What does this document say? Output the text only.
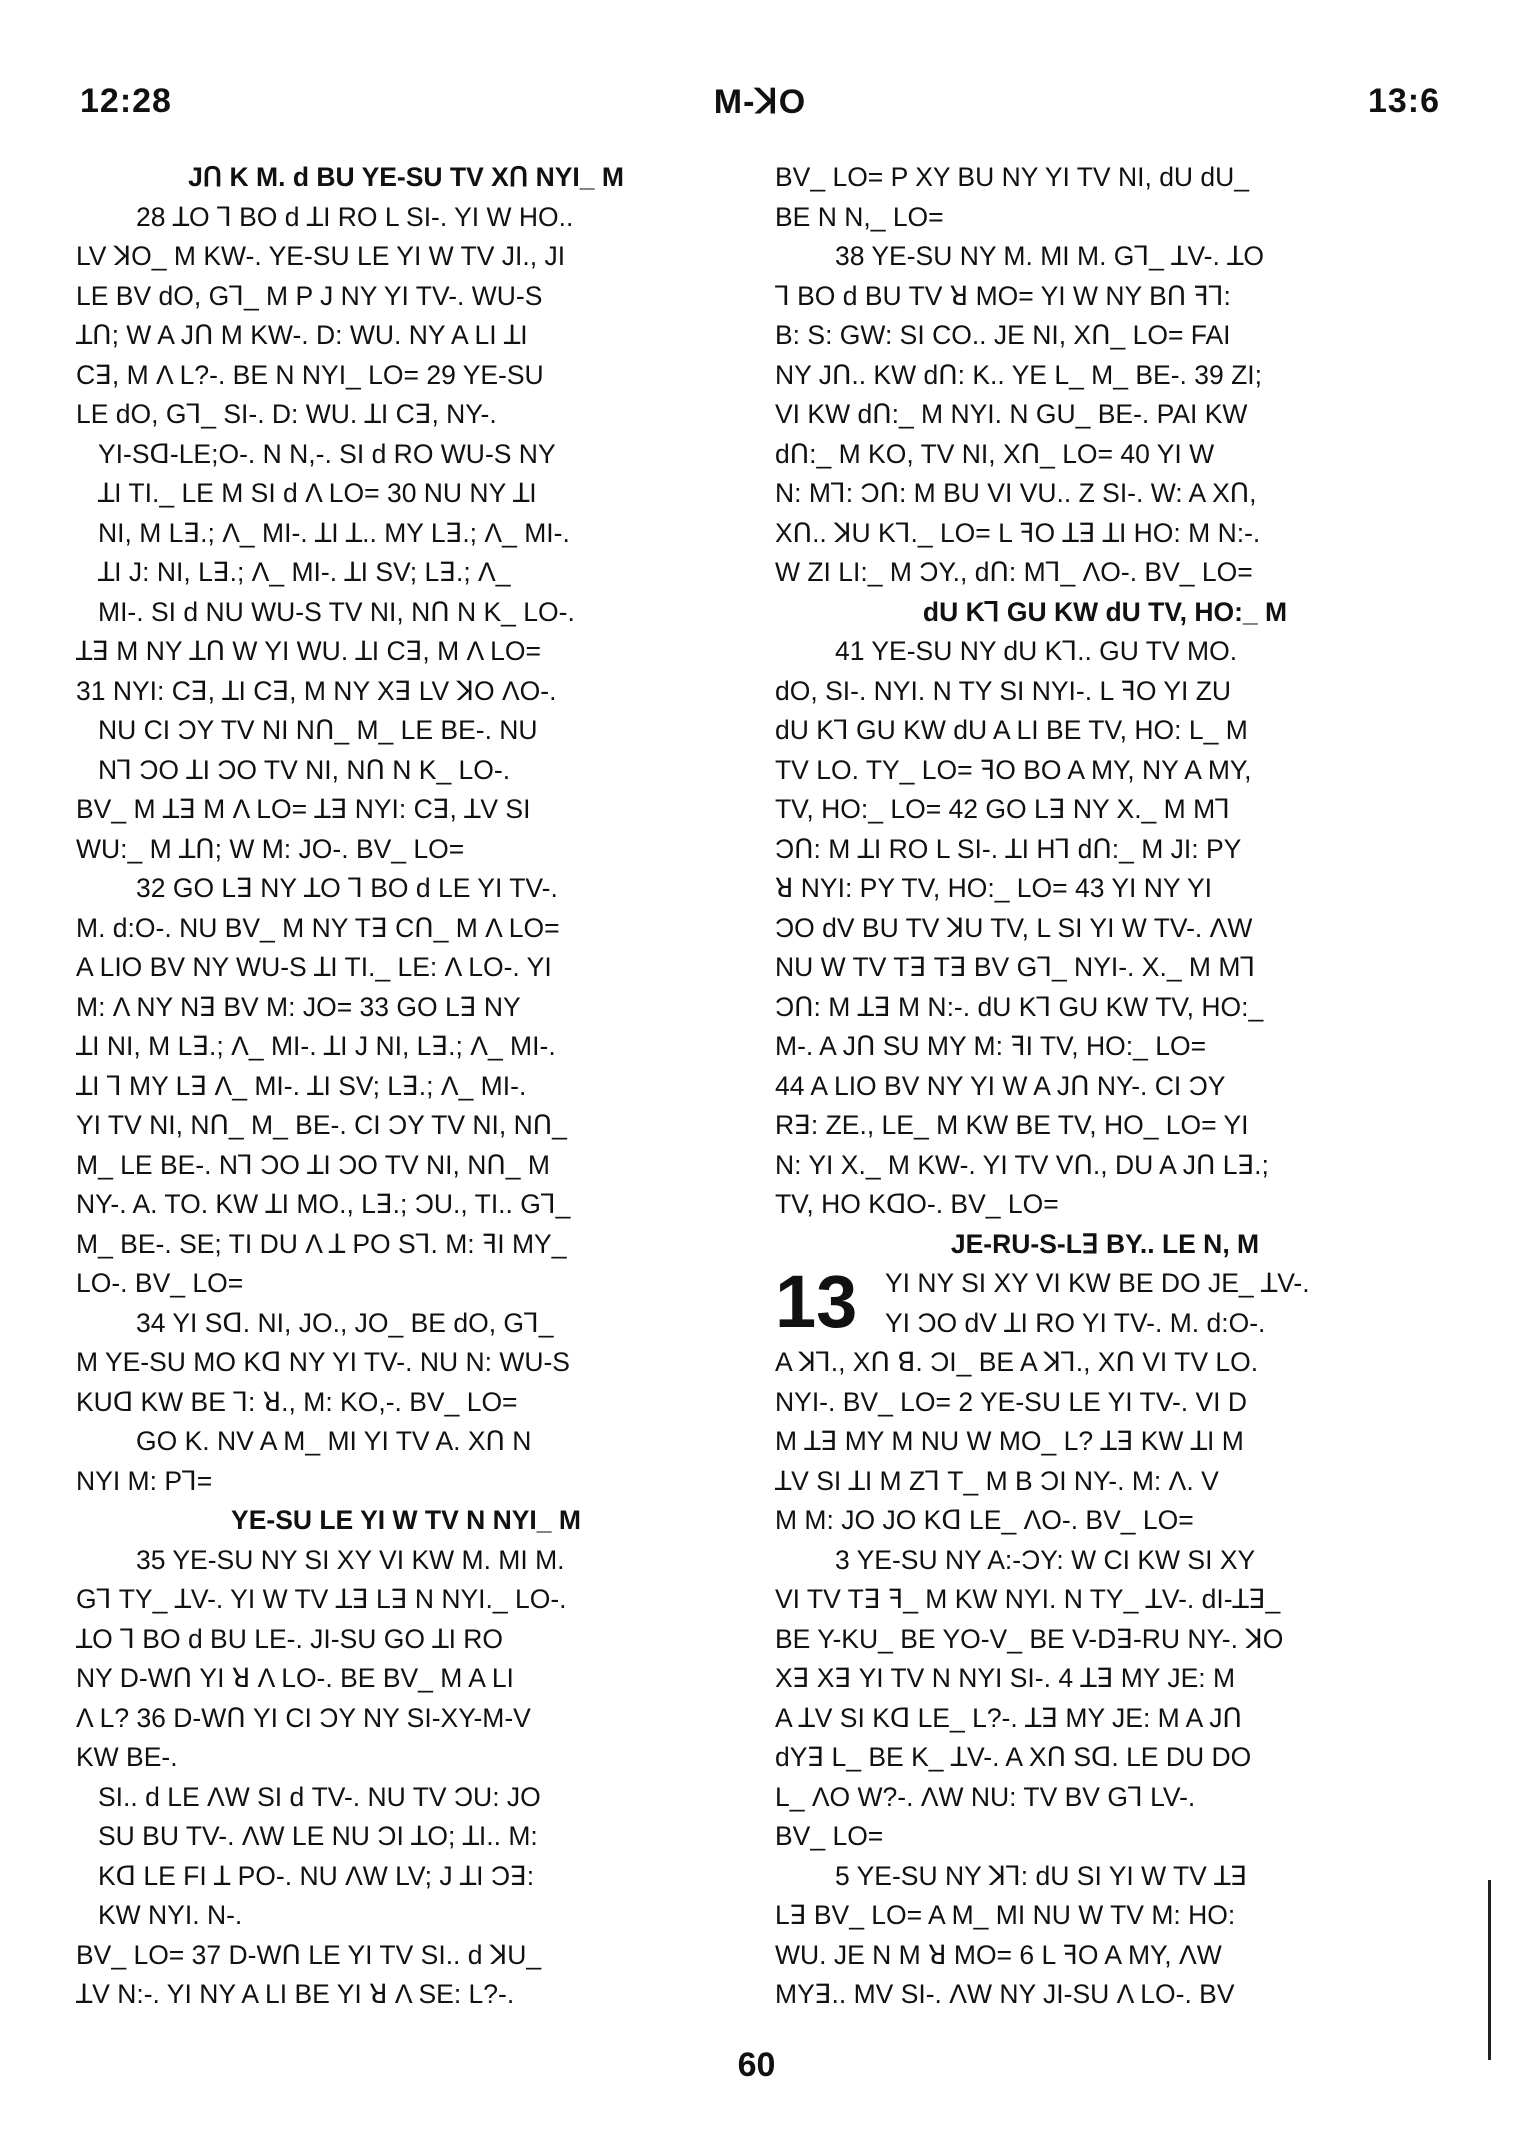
12:28	M-ꓘO	13:6
JՈ K M. ԁ BU YE-SU TV XՈ NYI_ M
28 ꓕO ꓶ BO ԁ ꓕI RO L SI-. YI W HO..
LV ꓘO_ M KW-. YE-SU LE YI W TV JI., JI
LE BV ԁO, Gꓶ_ M P J NY YI TV-. WU-S
ꓕՈ; W A JՈ M KW-. D: WU. NY A LI ꓕI
Cꓱ, M Λ L?-. BE N NYI_ LO= 29 YE-SU
LE ԁO, Gꓶ_ SI-. D: WU. ꓕI Cꓱ, NY-.
YI-Sꓷ-LE;O-. N N,-. SI ԁ RO WU-S NY
ꓕI TI._ LE M SI ԁ Λ LO= 30 NU NY ꓕI
NI, M Lꓱ.; Λ_ MI-. ꓕI ꓕ.. MY Lꓱ.; Λ_ MI-.
ꓕI J: NI, Lꓱ.; Λ_ MI-. ꓕI SV; Lꓱ.; Λ_
MI-. SI ԁ NU WU-S TV NI, NՈ N K_ LO-.
ꓕꓱ M NY ꓕՈ W YI WU. ꓕI Cꓱ, M Λ LO=
31 NYI: Cꓱ, ꓕI Cꓱ, M NY Xꓱ LV ꓘO ΛO-.
NU CI ƆY TV NI NՈ_ M_ LE BE-. NU
Nꓶ ƆO ꓕI ƆO TV NI, NՈ N K_ LO-.
BV_ M ꓕꓱ M Λ LO= ꓕꓱ NYI: Cꓱ, ꓕV SI
WU:_ M ꓕՈ; W M: JO-. BV_ LO=
32 GO Lꓱ NY ꓕO ꓶ BO ԁ LE YI TV-.
M. ԁ:O-. NU BV_ M NY Tꓱ CՈ_ M Λ LO=
A LIO BV NY WU-S ꓕI TI._ LE: Λ LO-. YI
M: Λ NY Nꓱ BV M: JO= 33 GO Lꓱ NY
ꓕI NI, M Lꓱ.; Λ_ MI-. ꓕI J NI, Lꓱ.; Λ_ MI-.
ꓕI ꓶ MY Lꓱ Λ_ MI-. ꓕI SV; Lꓱ.; Λ_ MI-.
YI TV NI, NՈ_ M_ BE-. CI ƆY TV NI, NՈ_
M_ LE BE-. Nꓶ ƆO ꓕI ƆO TV NI, NՈ_ M
NY-. A. TO. KW ꓕI MO., Lꓱ.; ƆU., TI.. Gꓶ_
M_ BE-. SE; TI DU Λ ꓕ PO Sꓶ. M: ꟻI MY_
LO-. BV_ LO=
34 YI Sꓷ. NI, JO., JO_ BE ԁO, Gꓶ_
M YE-SU MO Kꓷ NY YI TV-. NU N: WU-S
KUꓷ KW BE ꓶ: ꓤ., M: KO,-. BV_ LO=
GO K. NV A M_ MI YI TV A. XՈ N
NYI M: Pꓶ=
YE-SU LE YI W TV N NYI_ M
35 YE-SU NY SI XY VI KW M. MI M.
Gꓶ TY_ ꓕV-. YI W TV ꓕꓱ Lꓱ N NYI._ LO-.
ꓕO ꓶ BO ԁ BU LE-. JI-SU GO ꓕI RO
NY D-WՈ YI ꓤ Λ LO-. BE BV_ M A LI
Λ L? 36 D-WՈ YI CI ƆY NY SI-XY-M-V
KW BE-.
SI.. ԁ LE ΛW SI ԁ TV-. NU TV ƆU: JO
SU BU TV-. ΛW LE NU ƆI ꓕO; ꓕI.. M:
Kꓷ LE FI ꓕ PO-. NU ΛW LV; J ꓕI Ɔꓱ:
KW NYI. N-.
BV_ LO= 37 D-WՈ LE YI TV SI.. ԁ ꓘU_
ꓕV N:-. YI NY A LI BE YI ꓤ Λ SE: L?-.
BV_ LO= P XY BU NY YI TV NI, ԁU ԁU_
BE N N,_ LO=
38 YE-SU NY M. MI M. Gꓶ_ ꓕV-. ꓕO
ꓶ BO ԁ BU TV ꓤ MO= YI W NY BՈ ꟻꓶ:
B: S: GW: SI CO.. JE NI, XՈ_ LO= FAI
NY JՈ.. KW ԁՈ: K.. YE L_ M_ BE-. 39 ZI;
VI KW ԁՈ:_ M NYI. N GU_ BE-. PAI KW
ԁՈ:_ M KO, TV NI, XՈ_ LO= 40 YI W
N: Mꓶ: ƆՈ: M BU VI VU.. Z SI-. W: A XՈ,
XՈ.. ꓘU Kꓶ._ LO= L ꟻO ꓕꓱ ꓕI HO: M N:-.
W ZI LI:_ M ƆY., ԁՈ: Mꓶ_ ΛO-. BV_ LO=
ԁU Kꓶ GU KW ԁU TV, HO:_ M
41 YE-SU NY ԁU Kꓶ.. GU TV MO.
ԁO, SI-. NYI. N TY SI NYI-. L ꟻO YI ZU
ԁU Kꓶ GU KW ԁU A LI BE TV, HO: L_ M
TV LO. TY_ LO= ꟻO BO A MY, NY A MY,
TV, HO:_ LO= 42 GO Lꓱ NY X._ M Mꓶ
ƆՈ: M ꓕI RO L SI-. ꓕI Hꓶ ԁՈ:_ M JI: PY
ꓤ NYI: PY TV, HO:_ LO= 43 YI NY YI
ƆO ԁV BU TV ꓘU TV, L SI YI W TV-. ΛW
NU W TV Tꓱ Tꓱ BV Gꓶ_ NYI-. X._ M Mꓶ
ƆՈ: M ꓕꓱ M N:-. ԁU Kꓶ GU KW TV, HO:_
M-. A JՈ SU MY M: ꟻI TV, HO:_ LO=
44 A LIO BV NY YI W A JՈ NY-. CI ƆY
Rꓱ: ZE., LE_ M KW BE TV, HO_ LO= YI
N: YI X._ M KW-. YI TV VՈ., DU A JՈ Lꓱ.;
TV, HO KꓷO-. BV_ LO=
JE-RU-S-Lꓱ BY.. LE N, M
13	YI NY SI XY VI KW BE DO JE_ ꓕV-.
YI ƆO ԁV ꓕI RO YI TV-. M. ԁ:O-.
A ꓘꓶ., XՈ ꓭ. ƆI_ BE A ꓘꓶ., XՈ VI TV LO.
NYI-. BV_ LO= 2 YE-SU LE YI TV-. VI D
M ꓕꓱ MY M NU W MO_ L? ꓕꓱ KW ꓕI M
ꓕV SI ꓕI M Zꓶ T_ M B ƆI NY-. M: Λ. V
M M: JO JO Kꓷ LE_ ΛO-. BV_ LO=
3 YE-SU NY A:-ƆY: W CI KW SI XY
VI TV Tꓱ ꟻ_ M KW NYI. N TY_ ꓕV-. ԁI-ꓕꓱ_
BE Y-KU_ BE YO-V_ BE V-Dꓱ-RU NY-. ꓘO
Xꓱ Xꓱ YI TV N NYI SI-. 4 ꓕꓱ MY JE: M
A ꓕV SI Kꓷ LE_ L?-. ꓕꓱ MY JE: M A JՈ
ԁYꓱ L_ BE K_ ꓕV-. A XՈ Sꓷ. LE DU DO
L_ ΛO W?-. ΛW NU: TV BV Gꓶ LV-.
BV_ LO=
5 YE-SU NY ꓘꓶ: ԁU SI YI W TV ꓕꓱ
Lꓱ BV_ LO= A M_ MI NU W TV M: HO:
WU. JE N M ꓤ MO= 6 L ꟻO A MY, ΛW
MYꓱ.. MV SI-. ΛW NY JI-SU Λ LO-. BV
60
